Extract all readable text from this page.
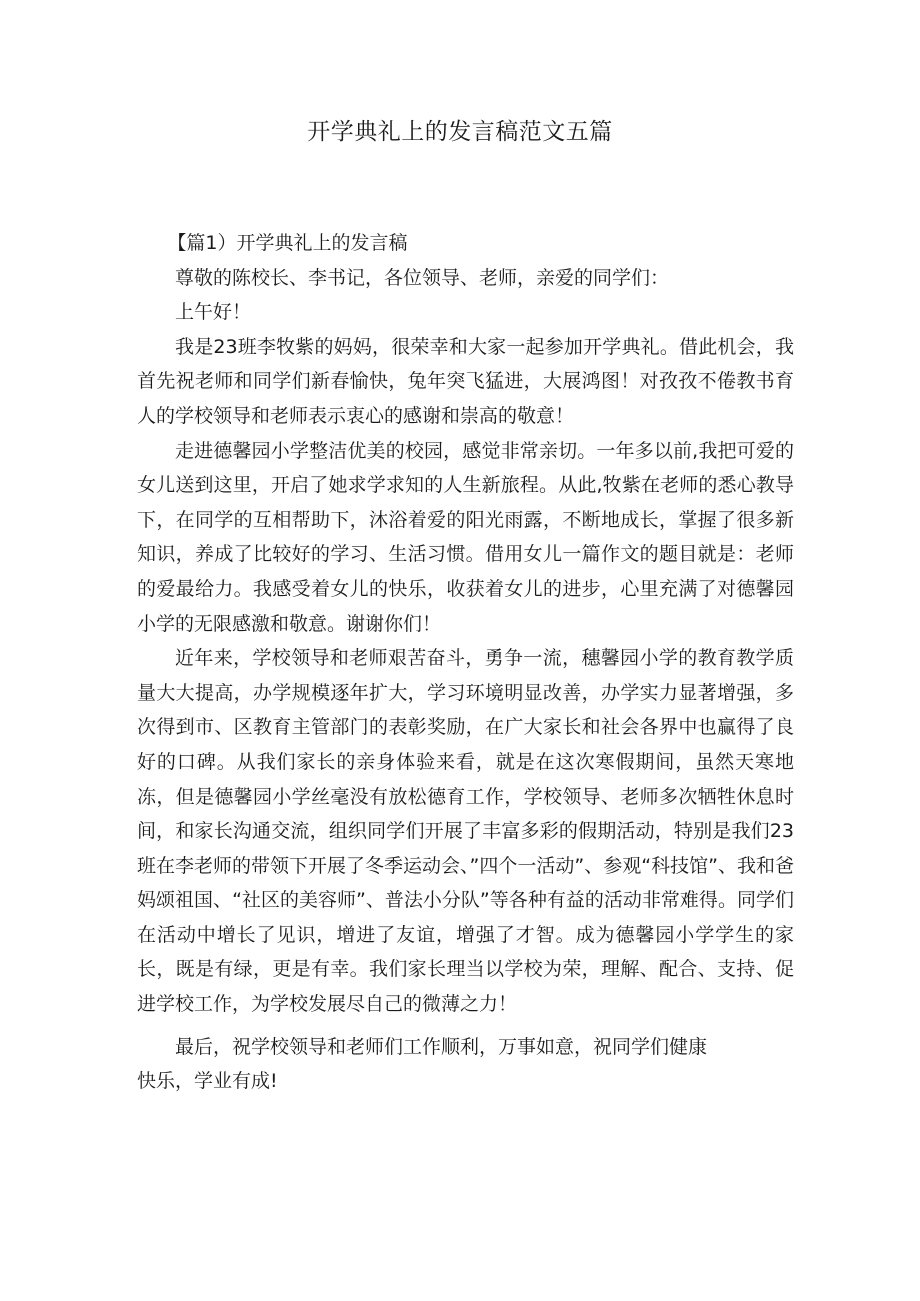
开学典礼上的发言稿范文五篇

【篇1）开学典礼上的发言稿

尊敬的陈校长、李书记，各位领导、老师，亲爱的同学们：

上午好！

我是23班李牧紫的妈妈，很荣幸和大家一起参加开学典礼。借此机会，我首先祝老师和同学们新春愉快，兔年突飞猛进，大展鸿图！对孜孜不倦教书育人的学校领导和老师表示衷心的感谢和崇高的敬意！

走进德馨园小学整洁优美的校园，感觉非常亲切。一年多以前,我把可爱的女儿送到这里，开启了她求学求知的人生新旅程。从此,牧紫在老师的悉心教导下，在同学的互相帮助下，沐浴着爱的阳光雨露，不断地成长，掌握了很多新知识，养成了比较好的学习、生活习惯。借用女儿一篇作文的题目就是：老师的爱最给力。我感受着女儿的快乐，收获着女儿的进步，心里充满了对德馨园小学的无限感激和敬意。谢谢你们！

近年来，学校领导和老师艰苦奋斗，勇争一流，穗馨园小学的教育教学质量大大提高，办学规模逐年扩大，学习环境明显改善，办学实力显著增强，多次得到市、区教育主管部门的表彰奖励，在广大家长和社会各界中也赢得了良好的口碑。从我们家长的亲身体验来看，就是在这次寒假期间，虽然天寒地冻，但是德馨园小学丝毫没有放松德育工作，学校领导、老师多次牺牲休息时间，和家长沟通交流，组织同学们开展了丰富多彩的假期活动，特别是我们23班在李老师的带领下开展了冬季运动会、”四个一活动”、参观“科技馆”、我和爸妈颂祖国、“社区的美容师”、普法小分队”等各种有益的活动非常难得。同学们在活动中增长了见识，增进了友谊，增强了才智。成为德馨园小学学生的家长，既是有绿，更是有幸。我们家长理当以学校为荣，理解、配合、支持、促进学校工作，为学校发展尽自己的微薄之力！

最后，祝学校领导和老师们工作顺利，万事如意，祝同学们健康
快乐，学业有成!
